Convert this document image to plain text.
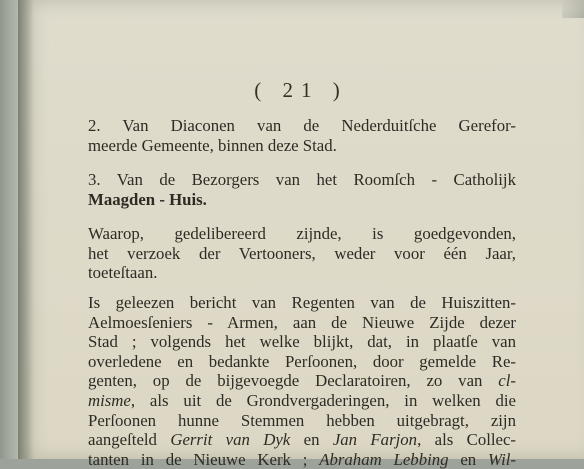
( 21 )
2. Van Diaconen van de Nederduitſche Gerefor-
meerde Gemeente, binnen deze Stad.
3. Van de Bezorgers van het Roomſch - Catholijk
Maagden - Huis.
Waarop, gedelibereerd zijnde, is goedgevonden,
het verzoek der Vertooners, weder voor één Jaar,
toeteſtaan.
Is geleezen bericht van Regenten van de Huiszitten-
Aelmoesſeniers - Armen, aan de Nieuwe Zijde dezer
Stad ; volgends het welke blijkt, dat, in plaatſe van
overledene en bedankte Perſoonen, door gemelde Re-
genten, op de bijgevoegde Declaratoiren, zo van cl-
misme, als uit de Grondvergaderingen, in welken die
Perſoonen hunne Stemmen hebben uitgebragt, zijn
aangeſteld Gerrit van Dyk en Jan Farjon, als Collec-
tanten in de Nieuwe Kerk ; Abraham Lebbing en Wil-
